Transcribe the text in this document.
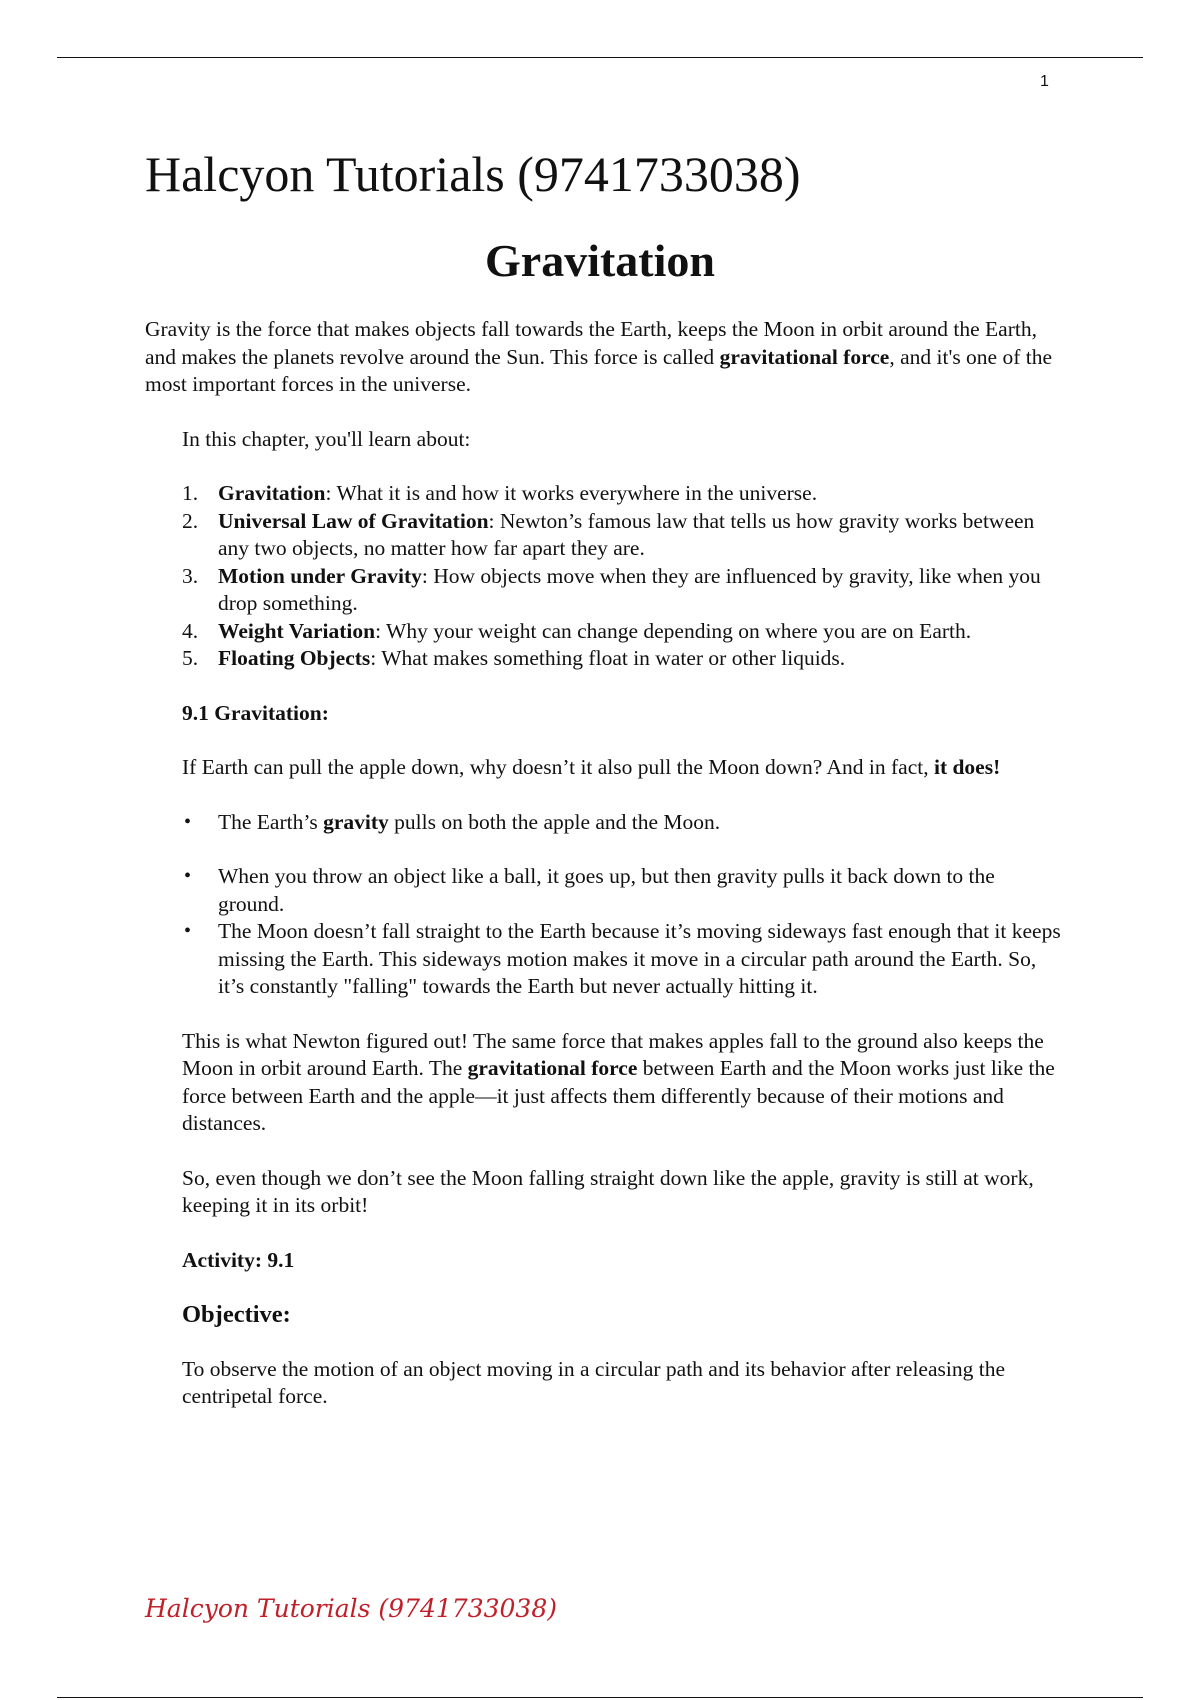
1
Halcyon Tutorials (9741733038)
Gravitation

Gravity is the force that makes objects fall towards the Earth, keeps the Moon in orbit around the Earth, and makes the planets revolve around the Sun. This force is called gravitational force, and it's one of the most important forces in the universe.

In this chapter, you'll learn about:

1. Gravitation: What it is and how it works everywhere in the universe.
2. Universal Law of Gravitation: Newton’s famous law that tells us how gravity works between any two objects, no matter how far apart they are.
3. Motion under Gravity: How objects move when they are influenced by gravity, like when you drop something.
4. Weight Variation: Why your weight can change depending on where you are on Earth.
5. Floating Objects: What makes something float in water or other liquids.

9.1 Gravitation:

If Earth can pull the apple down, why doesn’t it also pull the Moon down? And in fact, it does!

• The Earth’s gravity pulls on both the apple and the Moon.
• When you throw an object like a ball, it goes up, but then gravity pulls it back down to the ground.
• The Moon doesn’t fall straight to the Earth because it’s moving sideways fast enough that it keeps missing the Earth. This sideways motion makes it move in a circular path around the Earth. So, it’s constantly "falling" towards the Earth but never actually hitting it.

This is what Newton figured out! The same force that makes apples fall to the ground also keeps the Moon in orbit around Earth. The gravitational force between Earth and the Moon works just like the force between Earth and the apple—it just affects them differently because of their motions and distances.

So, even though we don’t see the Moon falling straight down like the apple, gravity is still at work, keeping it in its orbit!

Activity: 9.1

Objective:

To observe the motion of an object moving in a circular path and its behavior after releasing the centripetal force.

Halcyon Tutorials (9741733038)
